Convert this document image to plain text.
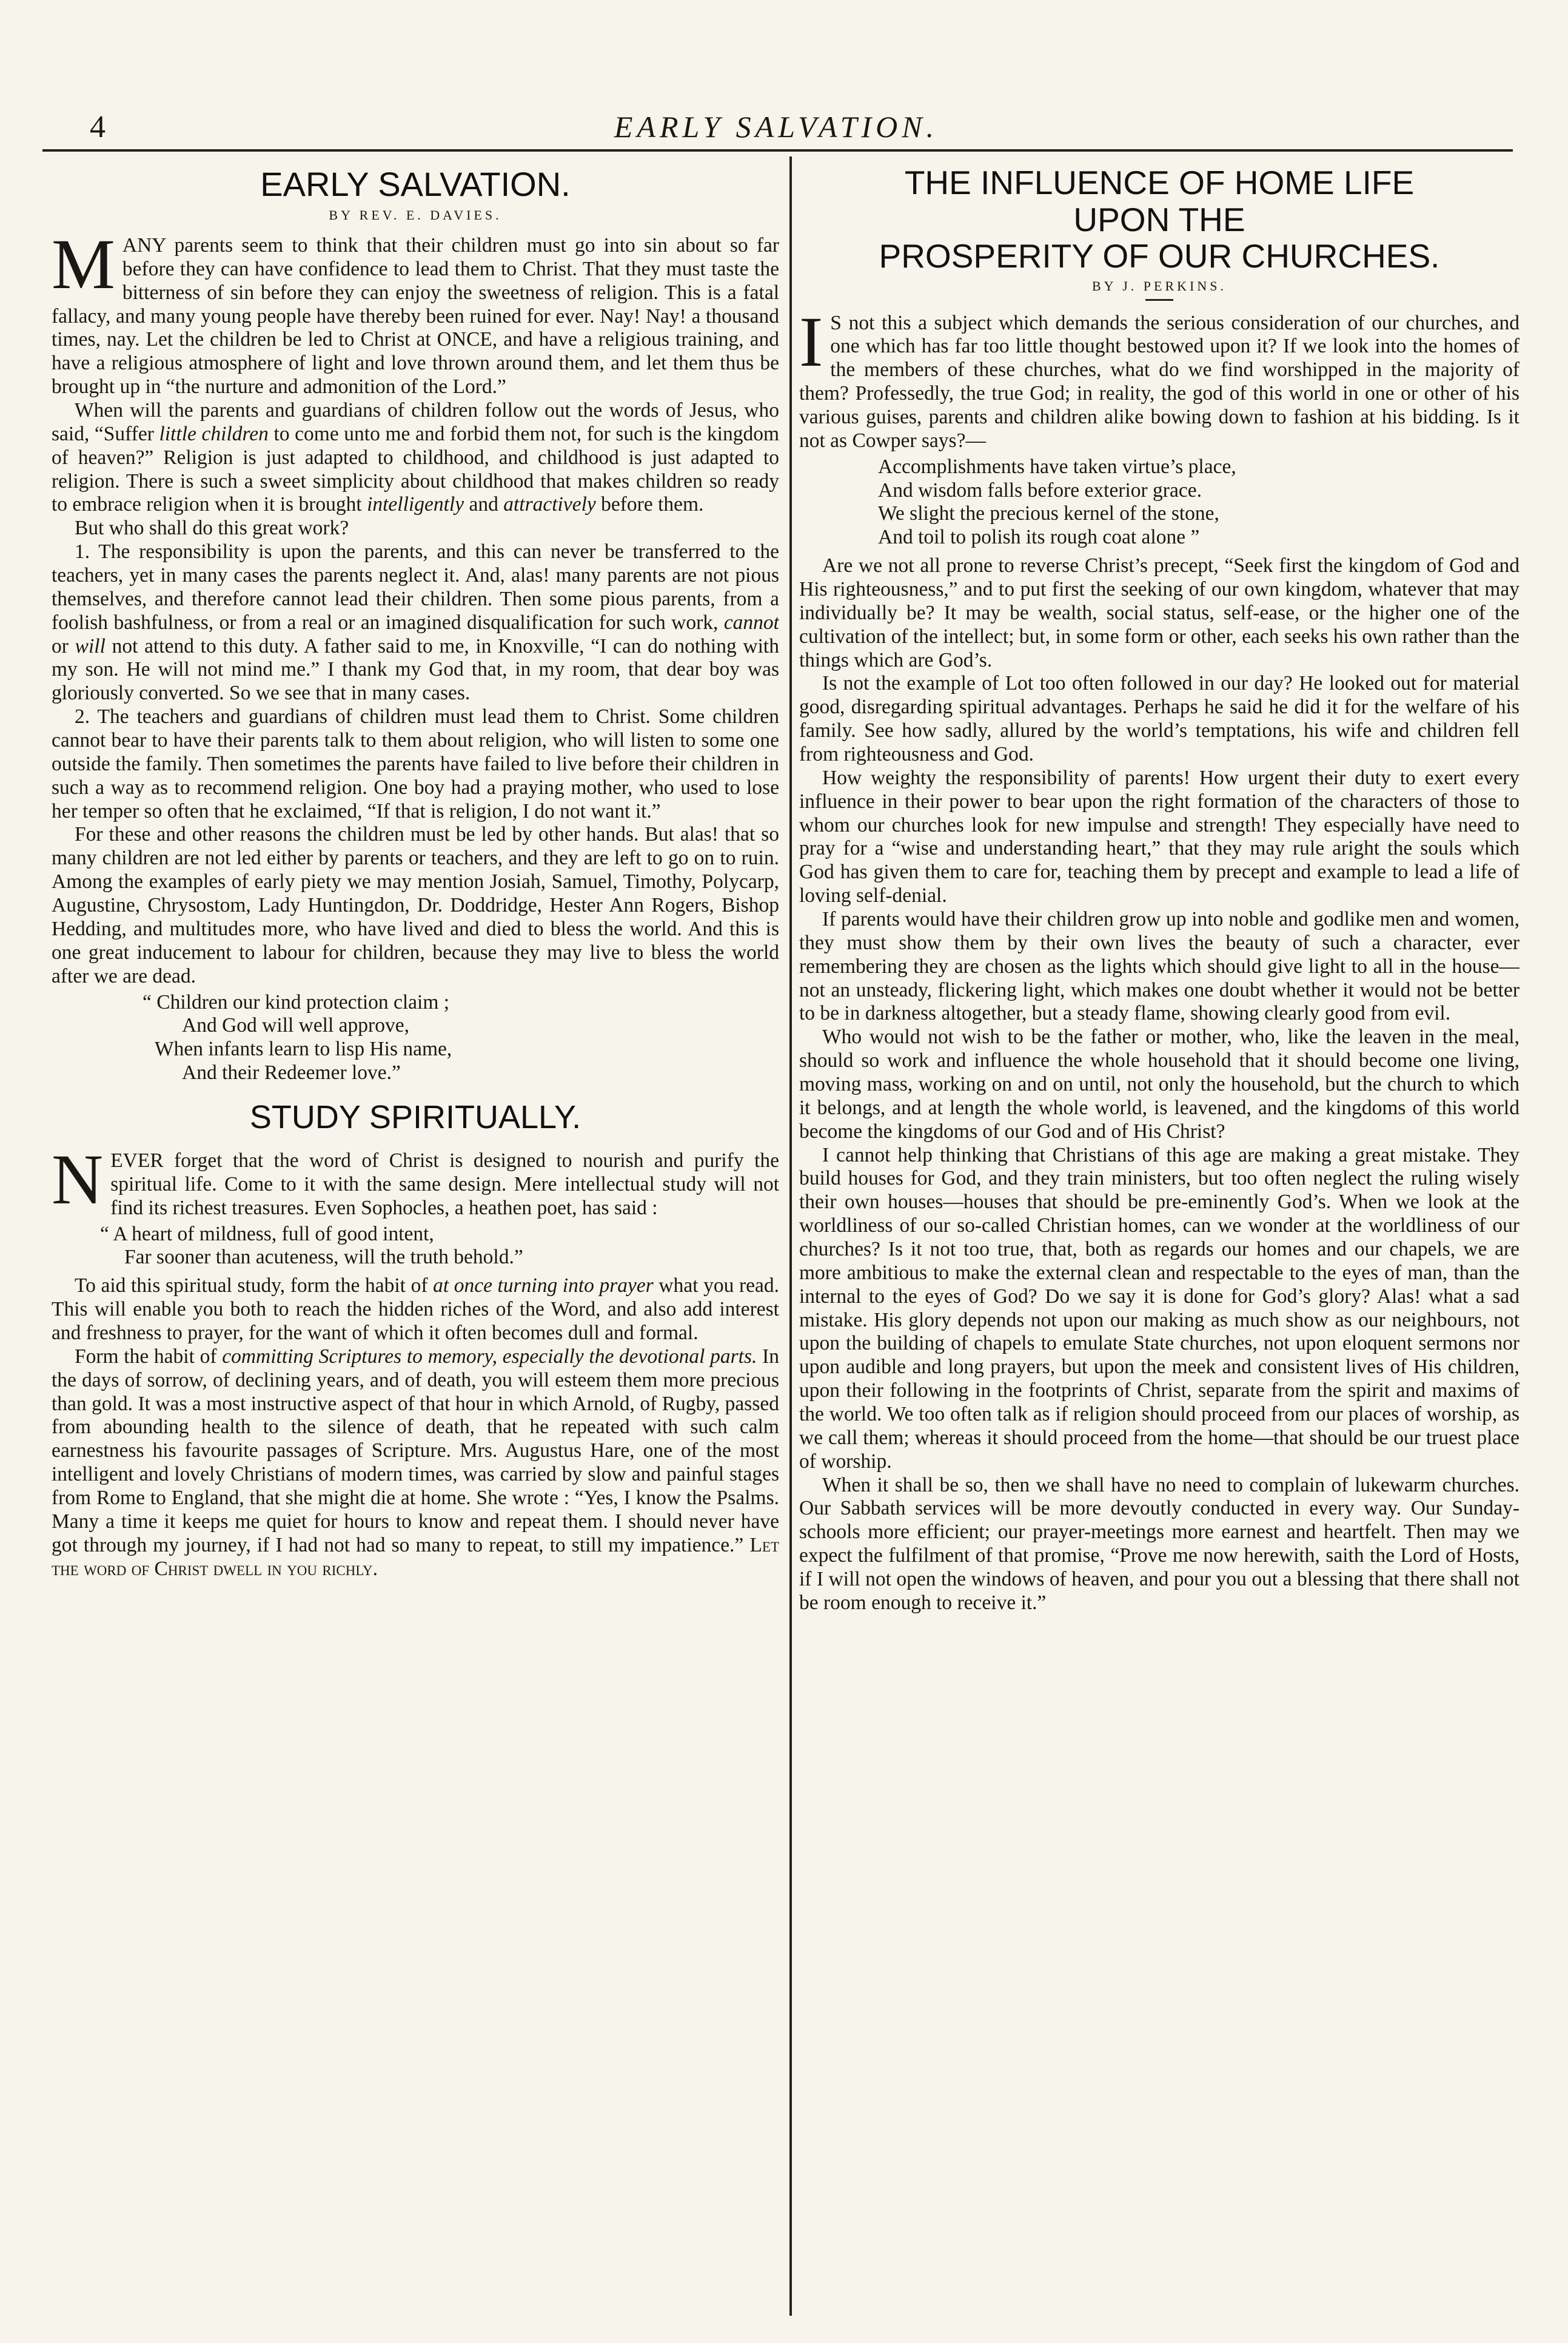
4	EARLY SALVATION.
EARLY SALVATION.
BY REV. E. DAVIES.

MANY parents seem to think that their children must go into sin about so far before they can have confidence to lead them to Christ. That they must taste the bitterness of sin before they can enjoy the sweetness of religion. This is a fatal fallacy, and many young people have thereby been ruined for ever. Nay! Nay! a thousand times, nay. Let the children be led to Christ at ONCE, and have a religious training, and have a religious atmosphere of light and love thrown around them, and let them thus be brought up in “the nurture and admonition of the Lord.”

When will the parents and guardians of children follow out the words of Jesus, who said, “Suffer little children to come unto me and forbid them not, for such is the kingdom of heaven?” Religion is just adapted to childhood, and childhood is just adapted to religion. There is such a sweet simplicity about childhood that makes children so ready to embrace religion when it is brought intelligently and attractively before them.

But who shall do this great work?

1. The responsibility is upon the parents, and this can never be transferred to the teachers, yet in many cases the parents neglect it. And, alas! many parents are not pious themselves, and therefore cannot lead their children. Then some pious parents, from a foolish bashfulness, or from a real or an imagined disqualification for such work, cannot or will not attend to this duty. A father said to me, in Knoxville, “I can do nothing with my son. He will not mind me.” I thank my God that, in my room, that dear boy was gloriously converted. So we see that in many cases.

2. The teachers and guardians of children must lead them to Christ. Some children cannot bear to have their parents talk to them about religion, who will listen to some one outside the family. Then sometimes the parents have failed to live before their children in such a way as to recommend religion. One boy had a praying mother, who used to lose her temper so often that he exclaimed, “If that is religion, I do not want it.”

For these and other reasons the children must be led by other hands. But alas! that so many children are not led either by parents or teachers, and they are left to go on to ruin. Among the examples of early piety we may mention Josiah, Samuel, Timothy, Polycarp, Augustine, Chrysostom, Lady Huntingdon, Dr. Doddridge, Hester Ann Rogers, Bishop Hedding, and multitudes more, who have lived and died to bless the world. And this is one great inducement to labour for children, because they may live to bless the world after we are dead.

“ Children our kind protection claim ;
And God will well approve,
When infants learn to lisp His name,
And their Redeemer love.”
STUDY SPIRITUALLY.

NEVER forget that the word of Christ is designed to nourish and purify the spiritual life. Come to it with the same design. Mere intellectual study will not find its richest treasures. Even Sophocles, a heathen poet, has said :

“ A heart of mildness, full of good intent,
Far sooner than acuteness, will the truth behold.”

To aid this spiritual study, form the habit of at once turning into prayer what you read. This will enable you both to reach the hidden riches of the Word, and also add interest and freshness to prayer, for the want of which it often becomes dull and formal.

Form the habit of committing Scriptures to memory, especially the devotional parts. In the days of sorrow, of declining years, and of death, you will esteem them more precious than gold. It was a most instructive aspect of that hour in which Arnold, of Rugby, passed from abounding health to the silence of death, that he repeated with such calm earnestness his favourite passages of Scripture. Mrs. Augustus Hare, one of the most intelligent and lovely Christians of modern times, was carried by slow and painful stages from Rome to England, that she might die at home. She wrote : “Yes, I know the Psalms. Many a time it keeps me quiet for hours to know and repeat them. I should never have got through my journey, if I had not had so many to repeat, to still my impatience.” Let the word of Christ dwell in you richly.

THE INFLUENCE OF HOME LIFE
UPON THE
PROSPERITY OF OUR CHURCHES.
BY J. PERKINS.

I S not this a subject which demands the serious consideration of our churches, and one which has far too little thought bestowed upon it? If we look into the homes of the members of these churches, what do we find worshipped in the majority of them? Professedly, the true God; in reality, the god of this world in one or other of his various guises, parents and children alike bowing down to fashion at his bidding. Is it not as Cowper says?—

Accomplishments have taken virtue’s place,
And wisdom falls before exterior grace.
We slight the precious kernel of the stone,
And toil to polish its rough coat alone ”

Are we not all prone to reverse Christ’s precept, “Seek first the kingdom of God and His righteousness,” and to put first the seeking of our own kingdom, whatever that may individually be? It may be wealth, social status, self-ease, or the higher one of the cultivation of the intellect; but, in some form or other, each seeks his own rather than the things which are God’s.

Is not the example of Lot too often followed in our day? He looked out for material good, disregarding spiritual advantages. Perhaps he said he did it for the welfare of his family. See how sadly, allured by the world’s temptations, his wife and children fell from righteousness and God.

How weighty the responsibility of parents! How urgent their duty to exert every influence in their power to bear upon the right formation of the characters of those to whom our churches look for new impulse and strength! They especially have need to pray for a “wise and understanding heart,” that they may rule aright the souls which God has given them to care for, teaching them by precept and example to lead a life of loving self-denial.

If parents would have their children grow up into noble and godlike men and women, they must show them by their own lives the beauty of such a character, ever remembering they are chosen as the lights which should give light to all in the house—not an unsteady, flickering light, which makes one doubt whether it would not be better to be in darkness altogether, but a steady flame, showing clearly good from evil.

Who would not wish to be the father or mother, who, like the leaven in the meal, should so work and influence the whole household that it should become one living, moving mass, working on and on until, not only the household, but the church to which it belongs, and at length the whole world, is leavened, and the kingdoms of this world become the kingdoms of our God and of His Christ?

I cannot help thinking that Christians of this age are making a great mistake. They build houses for God, and they train ministers, but too often neglect the ruling wisely their own houses—houses that should be pre-eminently God’s. When we look at the worldliness of our so-called Christian homes, can we wonder at the worldliness of our churches? Is it not too true, that, both as regards our homes and our chapels, we are more ambitious to make the external clean and respectable to the eyes of man, than the internal to the eyes of God? Do we say it is done for God’s glory? Alas! what a sad mistake. His glory depends not upon our making as much show as our neighbours, not upon the building of chapels to emulate State churches, not upon eloquent sermons nor upon audible and long prayers, but upon the meek and consistent lives of His children, upon their following in the footprints of Christ, separate from the spirit and maxims of the world. We too often talk as if religion should proceed from our places of worship, as we call them; whereas it should proceed from the home—that should be our truest place of worship.

When it shall be so, then we shall have no need to complain of lukewarm churches. Our Sabbath services will be more devoutly conducted in every way. Our Sunday-schools more efficient; our prayer-meetings more earnest and heartfelt. Then may we expect the fulfilment of that promise, “Prove me now herewith, saith the Lord of Hosts, if I will not open the windows of heaven, and pour you out a blessing that there shall not be room enough to receive it.”
